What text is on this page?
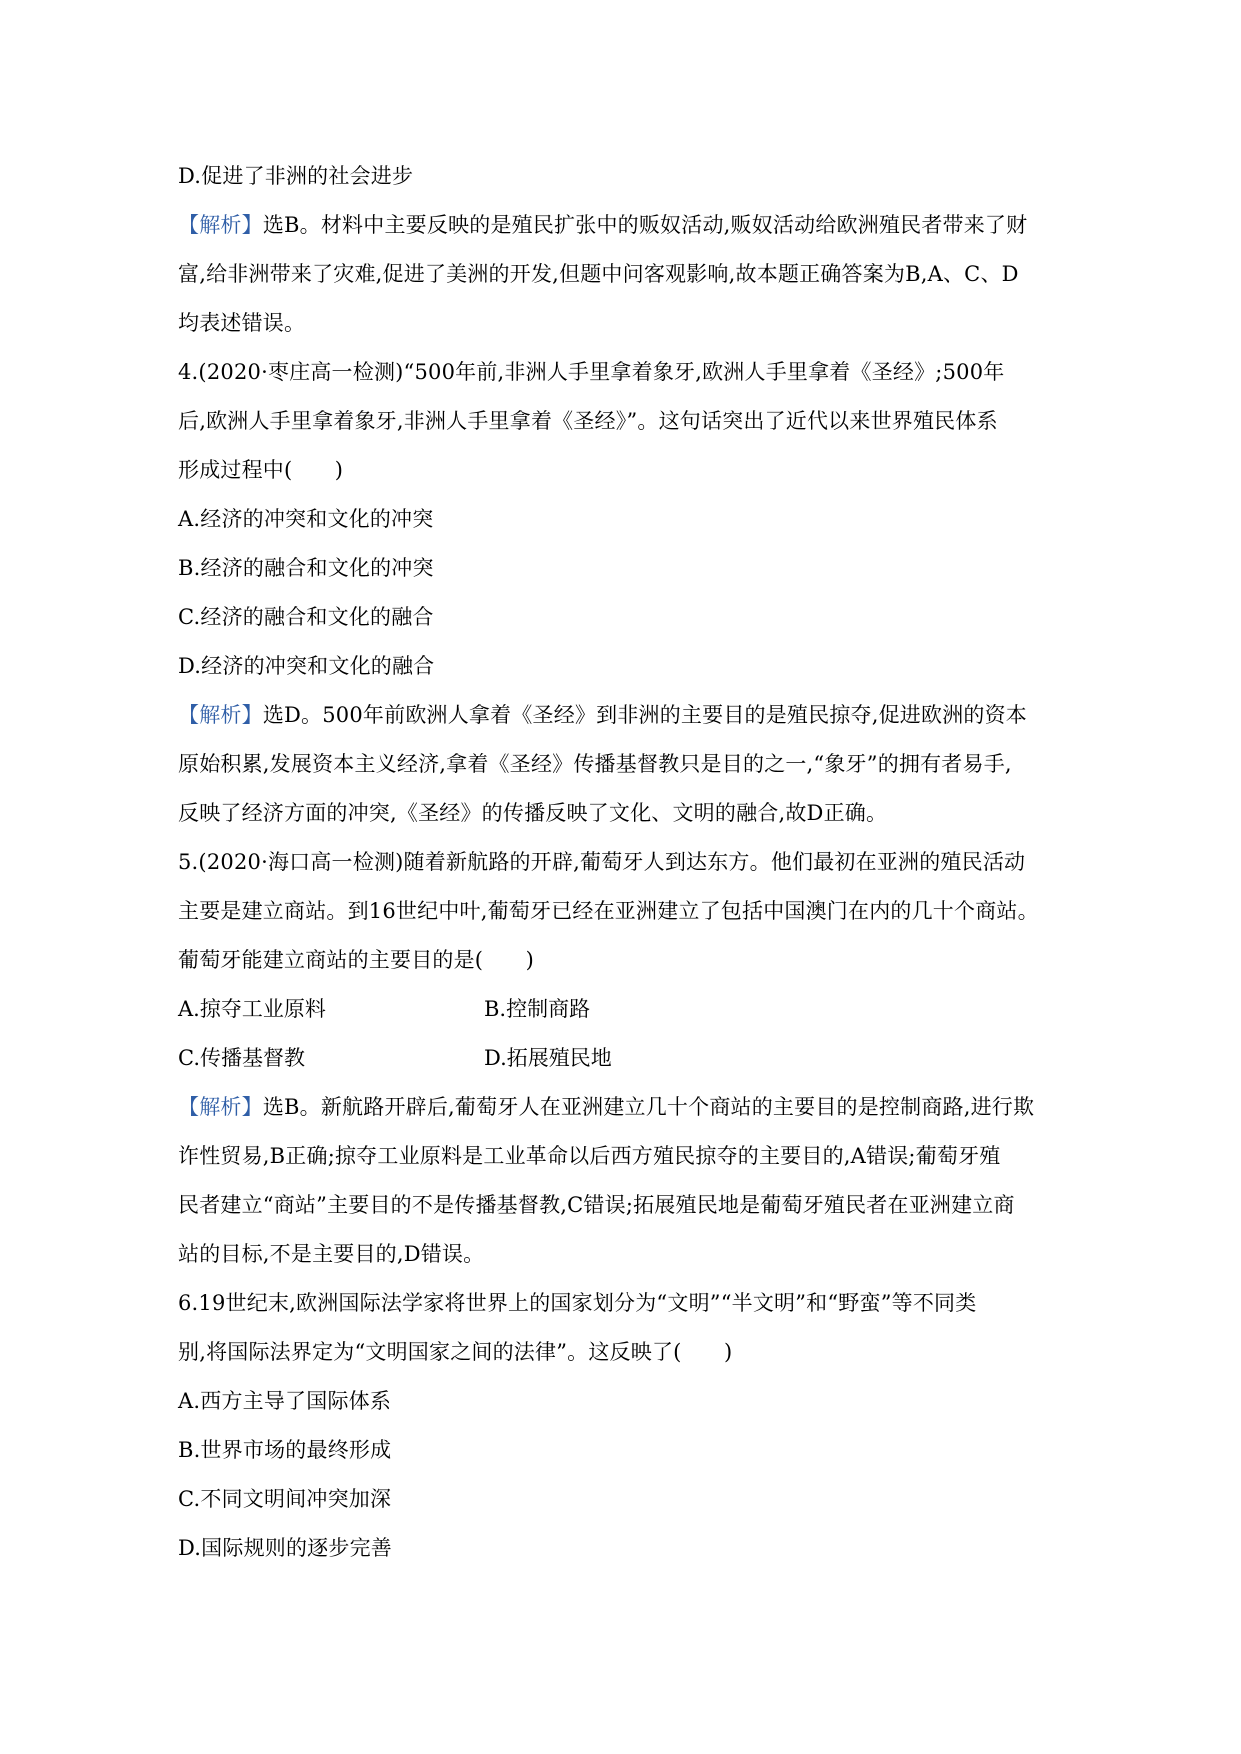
D.促进了非洲的社会进步
【解析】选B。材料中主要反映的是殖民扩张中的贩奴活动,贩奴活动给欧洲殖民者带来了财
富,给非洲带来了灾难,促进了美洲的开发,但题中问客观影响,故本题正确答案为B,A、C、D
均表述错误。
4.(2020·枣庄高一检测)“500年前,非洲人手里拿着象牙,欧洲人手里拿着《圣经》;500年
后,欧洲人手里拿着象牙,非洲人手里拿着《圣经》”。这句话突出了近代以来世界殖民体系
形成过程中(　　)
A.经济的冲突和文化的冲突
B.经济的融合和文化的冲突
C.经济的融合和文化的融合
D.经济的冲突和文化的融合
【解析】选D。500年前欧洲人拿着《圣经》到非洲的主要目的是殖民掠夺,促进欧洲的资本
原始积累,发展资本主义经济,拿着《圣经》传播基督教只是目的之一,“象牙”的拥有者易手,
反映了经济方面的冲突,《圣经》的传播反映了文化、文明的融合,故D正确。
5.(2020·海口高一检测)随着新航路的开辟,葡萄牙人到达东方。他们最初在亚洲的殖民活动
主要是建立商站。到16世纪中叶,葡萄牙已经在亚洲建立了包括中国澳门在内的几十个商站。
葡萄牙能建立商站的主要目的是(　　)
A.掠夺工业原料	B.控制商路
C.传播基督教	D.拓展殖民地
【解析】选B。新航路开辟后,葡萄牙人在亚洲建立几十个商站的主要目的是控制商路,进行欺
诈性贸易,B正确;掠夺工业原料是工业革命以后西方殖民掠夺的主要目的,A错误;葡萄牙殖
民者建立“商站”主要目的不是传播基督教,C错误;拓展殖民地是葡萄牙殖民者在亚洲建立商
站的目标,不是主要目的,D错误。
6.19世纪末,欧洲国际法学家将世界上的国家划分为“文明”“半文明”和“野蛮”等不同类
别,将国际法界定为“文明国家之间的法律”。这反映了(　　)
A.西方主导了国际体系
B.世界市场的最终形成
C.不同文明间冲突加深
D.国际规则的逐步完善
